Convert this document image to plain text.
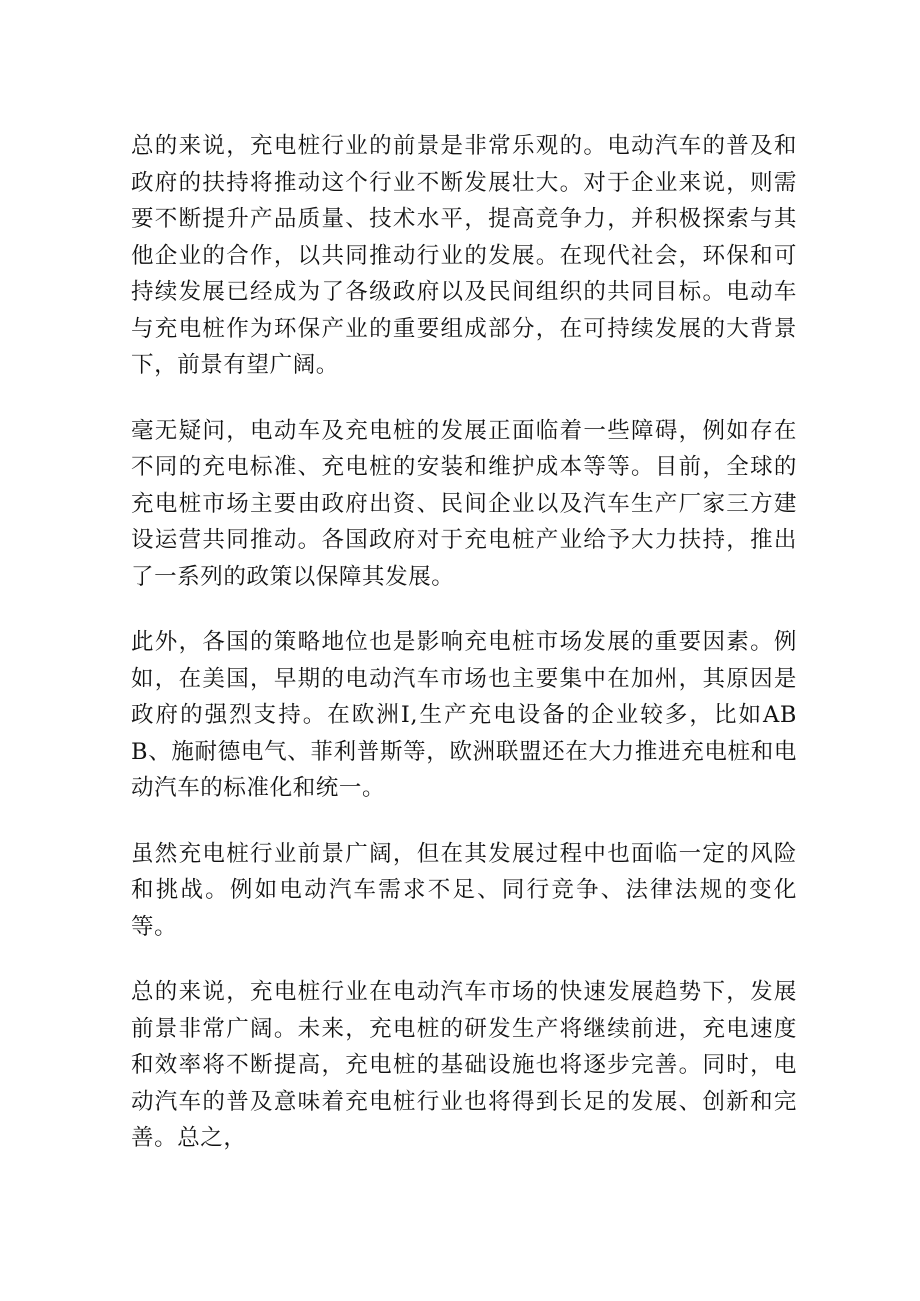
总的来说，充电桩行业的前景是非常乐观的。电动汽车的普及和政府的扶持将推动这个行业不断发展壮大。对于企业来说，则需要不断提升产品质量、技术水平，提高竞争力，并积极探索与其他企业的合作，以共同推动行业的发展。在现代社会，环保和可持续发展已经成为了各级政府以及民间组织的共同目标。电动车与充电桩作为环保产业的重要组成部分，在可持续发展的大背景下，前景有望广阔。

毫无疑问，电动车及充电桩的发展正面临着一些障碍，例如存在不同的充电标准、充电桩的安装和维护成本等等。目前，全球的充电桩市场主要由政府出资、民间企业以及汽车生产厂家三方建设运营共同推动。各国政府对于充电桩产业给予大力扶持，推出了一系列的政策以保障其发展。

此外，各国的策略地位也是影响充电桩市场发展的重要因素。例如，在美国，早期的电动汽车市场也主要集中在加州，其原因是政府的强烈支持。在欧洲I,生产充电设备的企业较多，比如ABB、施耐德电气、菲利普斯等，欧洲联盟还在大力推进充电桩和电动汽车的标准化和统一。

虽然充电桩行业前景广阔，但在其发展过程中也面临一定的风险和挑战。例如电动汽车需求不足、同行竞争、法律法规的变化等。

总的来说，充电桩行业在电动汽车市场的快速发展趋势下，发展前景非常广阔。未来，充电桩的研发生产将继续前进，充电速度和效率将不断提高，充电桩的基础设施也将逐步完善。同时，电动汽车的普及意味着充电桩行业也将得到长足的发展、创新和完善。总之，
